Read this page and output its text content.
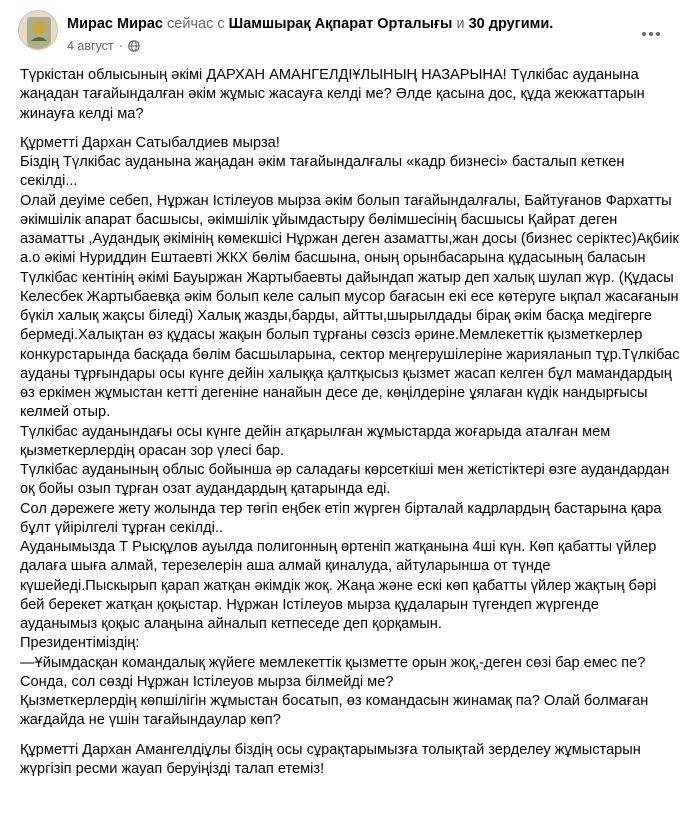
Мирас Мирас сейчас с Шамшырақ Ақпарат Орталығы и 30 другими.
4 август ·

Түркістан облысының әкімі ДАРХАН АМАНГЕЛДІҰЛЫНЫҢ НАЗАРЫНА! Түлкібас ауданына жаңадан тағайындалған әкім жұмыс жасауға келді ме? Әлде қасына дос, құда жекжаттарын жинауға келді ма?

Құрметті Дархан Сатыбалдиев мырза!

Біздің Түлкібас ауданына жаңадан әкім тағайындалғалы «кадр бизнесі» басталып кеткен секілді...

Олай деуіме себеп, Нұржан Істілеуов мырза әкім болып тағайындалғалы, Байтуғанов Фархатты әкімшілік апарат басшысы, әкімшілік ұйымдастыру бөлімшесінің басшысы Қайрат деген азаматты ,Аудандық әкімінің көмекшісі Нұржан деген азаматты,жан досы (бизнес серіктес)Ақбиік а.о әкімі Нуриддин Ештаевті ЖКХ бөлім басшына, оның орынбасарына құдасының баласын Түлкібас кентінің әкімі Бауыржан Жартыбаевты дайындап жатыр деп халық шулап жүр. (Құдасы Келесбек Жартыбаевқа әкім болып келе салып мусор бағасын екі есе көтеруге ықпал жасағанын бүкіл халық жақсы біледі) Халық жазды,барды, айтты,шырылдады бірақ әкім басқа медігерге бермеді.Халықтан өз құдасы жақын болып тұрғаны сөзсіз әрине.Мемлекеттік қызметкерлер конкурстарында басқада бөлім басшыларына, сектор меңгерушілеріне жарияланып тұр.Түлкібас ауданы тұрғындары осы күнге дейін халыққа қалтқысыз қызмет жасап келген бұл мамандардың өз еркімен жұмыстан кетті дегеніне нанайын десе де, көңілдерiне ұялаған күдік нандырғысы келмей отыр.

Түлкібас ауданындағы осы күнге дейін атқарылған жұмыстарда жоғарыда аталған мем қызметкерлердің орасан зор үлесі бар.

Түлкібас ауданының облыс бойынша әр саладағы көрсеткіші мен жетістіктері өзге аудандардан оқ бойы озып тұрған озат аудандардың қатарында еді.

Сол дәрежеге жету жолында тер төгіп еңбек етіп жүрген бірталай кадрлардың бастарына қара бұлт үйірілгелі тұрған секілді..

Ауданымызда Т Рысқұлов ауылда полигонның өртеніп жатқанына 4ші күн. Көп қабатты үйлер далаға шыға алмай, терезелерін аша алмай қиналуда, айтуларынша от түнде күшейеді.Пыскырып қарап жатқан әкімдік жоқ. Жаңа және ескі көп қабатты үйлер жақтың бәрі бей берекет жатқан қоқыстар. Нұржан Істілеуов мырза құдаларын түгендеп жүргенде ауданымыз қоқыс алаңына айналып кетпеседе деп қорқамын.

Президентіміздің:

—Ұйымдасқан командалық жүйеге мемлекеттік қызметте орын жоқ,-деген сөзі бар емес пе? Сонда, сол сөзді Нұржан Істілеуов мырза білмейді ме?

Қызметкерлердің көпшілігін жұмыстан босатып, өз командасын жинамақ па? Олай болмаған жағдайда не үшін тағайындаулар көп?

Құрметті Дархан Амангелдіұлы біздің осы сұрақтарымызға толықтай зерделеу жұмыстарын жүргізіп ресми жауап беруіңізді талап етеміз!
